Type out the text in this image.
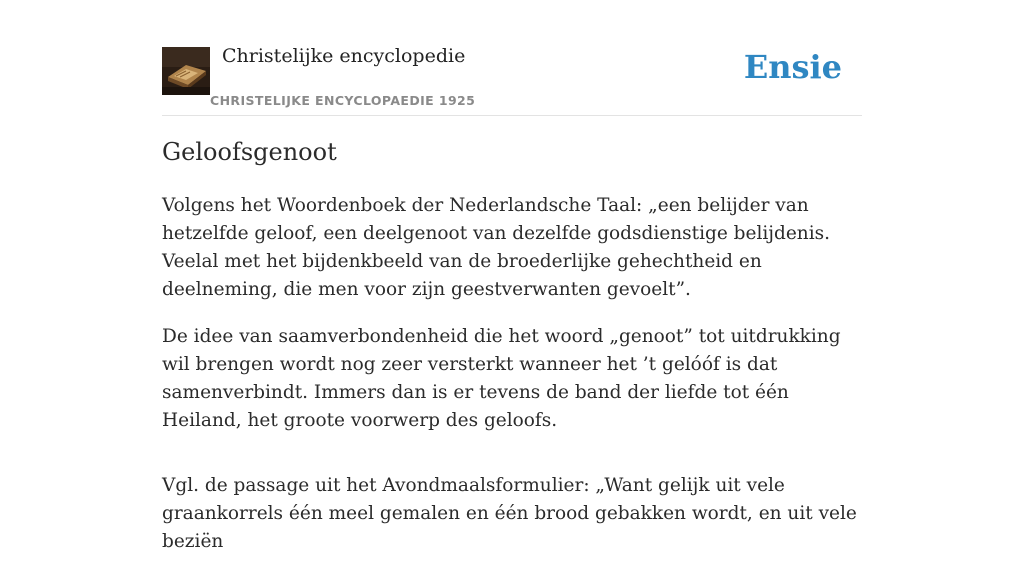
Christelijke encyclopedie
CHRISTELIJKE ENCYCLOPAEDIE 1925
Ensie
Geloofsgenoot

Volgens het Woordenboek der Nederlandsche Taal: „een belijder van hetzelfde geloof, een deelgenoot van dezelfde godsdienstige belijdenis. Veelal met het bijdenkbeeld van de broederlijke gehechtheid en deelneming, die men voor zijn geestverwanten gevoelt”.

De idee van saamverbondenheid die het woord „genoot” tot uitdrukking wil brengen wordt nog zeer versterkt wanneer het ’t gelóóf is dat samenverbindt. Immers dan is er tevens de band der liefde tot één Heiland, het groote voorwerp des geloofs.

Vgl. de passage uit het Avondmaalsformulier: „Want gelijk uit vele graankorrels één meel gemalen en één brood gebakken wordt, en uit vele beziën
